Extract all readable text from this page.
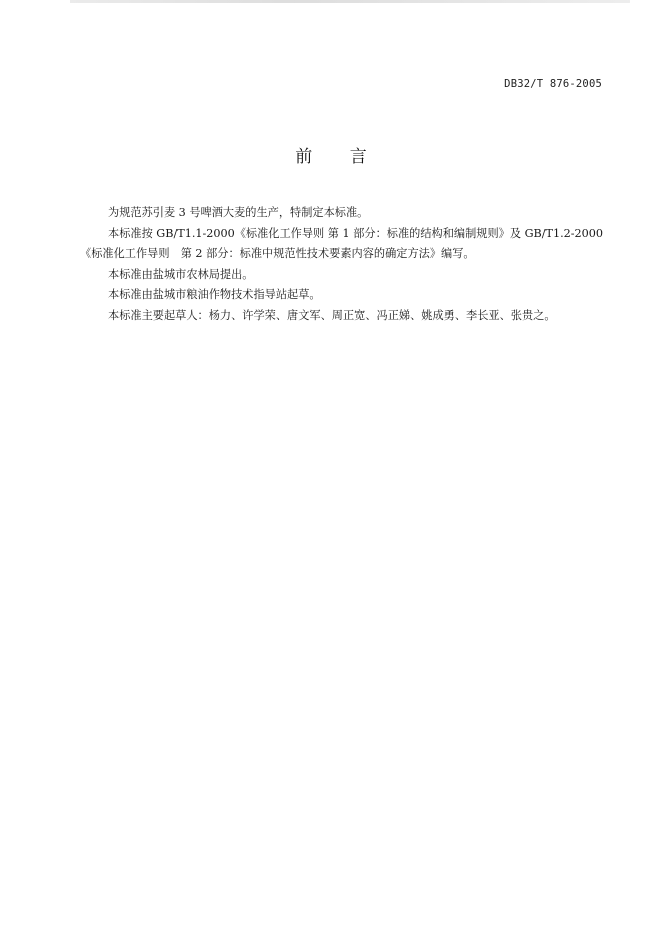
DB32/T 876-2005
前 言

为规范苏引麦 3 号啤酒大麦的生产，特制定本标准。

本标准按 GB/T1.1-2000《标准化工作导则 第 1 部分：标准的结构和编制规则》及 GB/T1.2-2000

《标准化工作导则　第 2 部分：标准中规范性技术要素内容的确定方法》编写。

本标准由盐城市农林局提出。

本标准由盐城市粮油作物技术指导站起草。

本标准主要起草人：杨力、许学荣、唐文军、周正宽、冯正娣、姚成勇、李长亚、张贵之。
